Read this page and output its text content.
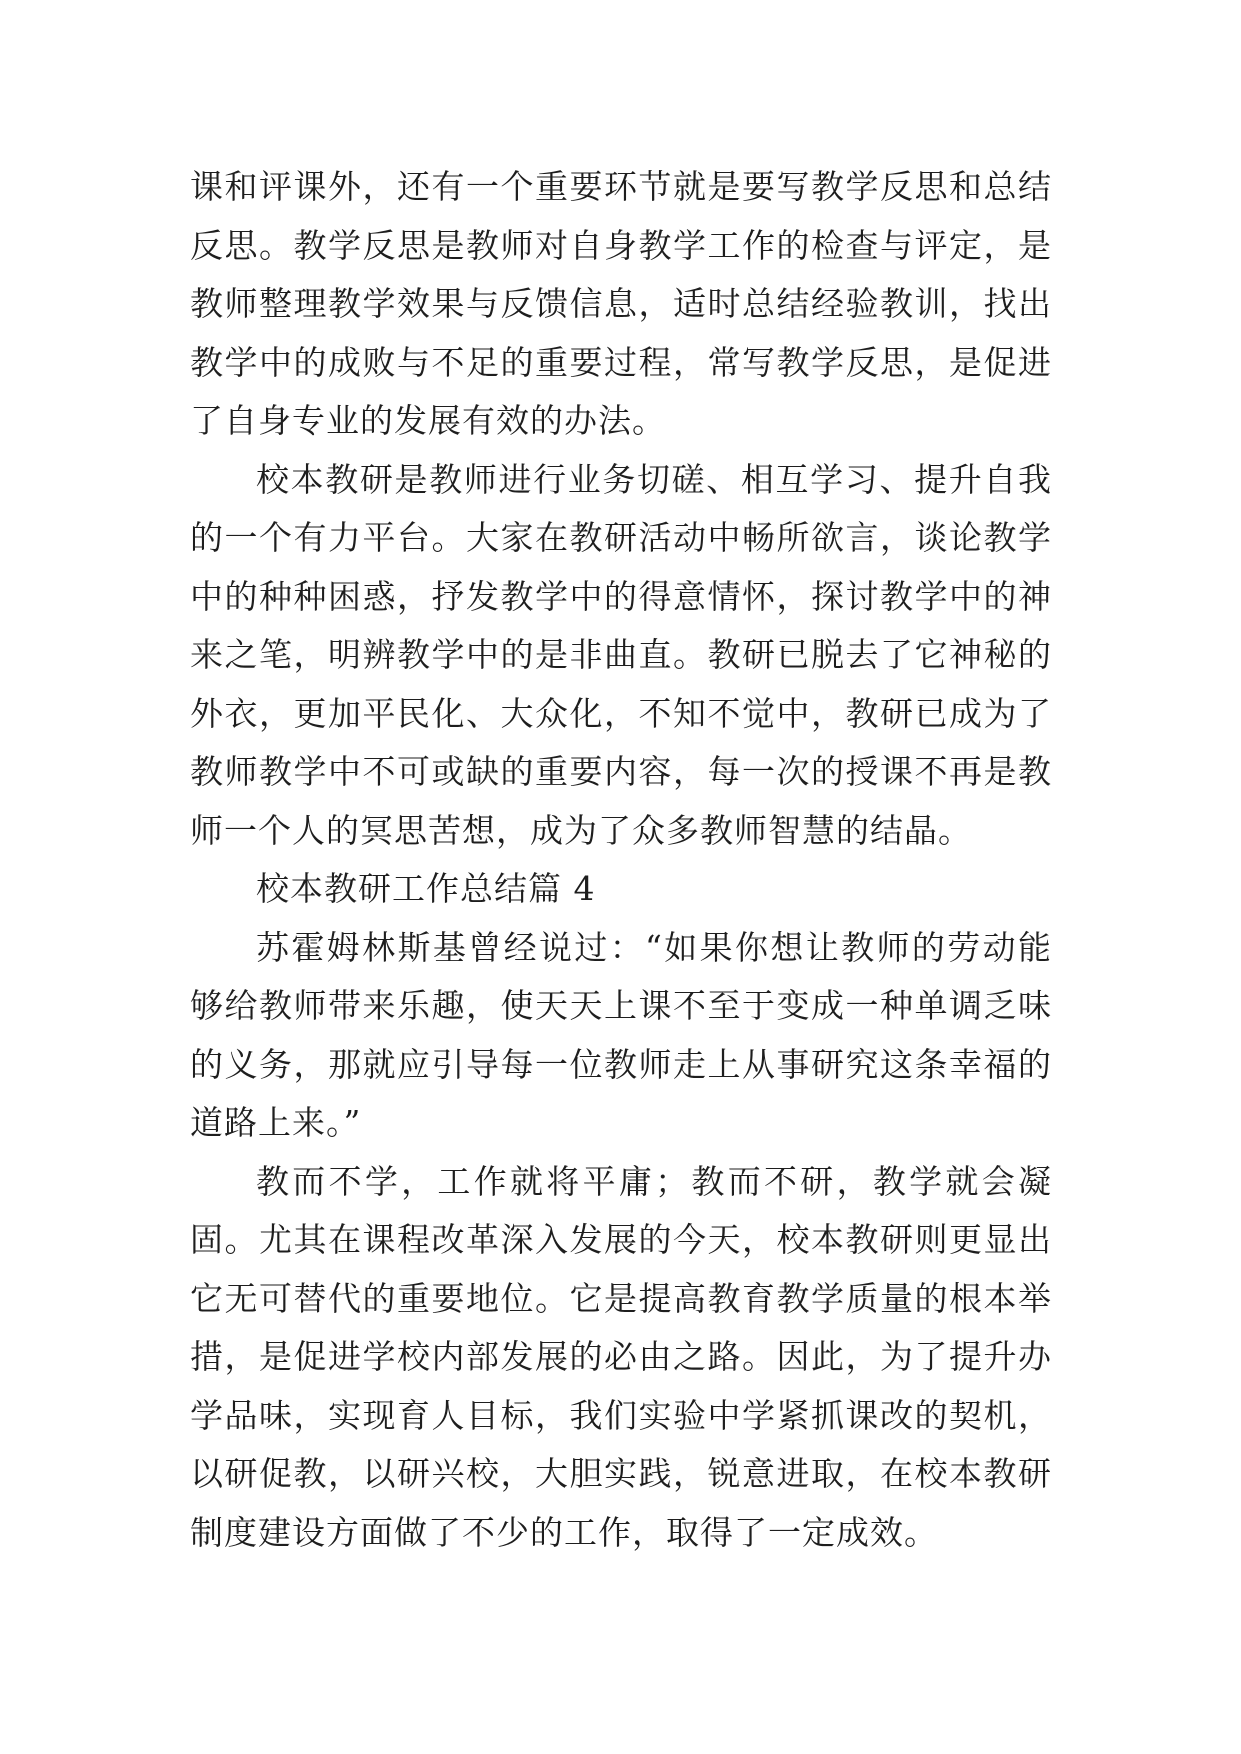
课和评课外，还有一个重要环节就是要写教学反思和总结反思。教学反思是教师对自身教学工作的检查与评定，是教师整理教学效果与反馈信息，适时总结经验教训，找出教学中的成败与不足的重要过程，常写教学反思，是促进了自身专业的发展有效的办法。

校本教研是教师进行业务切磋、相互学习、提升自我的一个有力平台。大家在教研活动中畅所欲言，谈论教学中的种种困惑，抒发教学中的得意情怀，探讨教学中的神来之笔，明辨教学中的是非曲直。教研已脱去了它神秘的外衣，更加平民化、大众化，不知不觉中，教研已成为了教师教学中不可或缺的重要内容，每一次的授课不再是教师一个人的冥思苦想，成为了众多教师智慧的结晶。

校本教研工作总结篇 4

苏霍姆林斯基曾经说过：“如果你想让教师的劳动能够给教师带来乐趣，使天天上课不至于变成一种单调乏味的义务，那就应引导每一位教师走上从事研究这条幸福的道路上来。”

教而不学，工作就将平庸；教而不研，教学就会凝固。尤其在课程改革深入发展的今天，校本教研则更显出它无可替代的重要地位。它是提高教育教学质量的根本举措，是促进学校内部发展的必由之路。因此，为了提升办学品味，实现育人目标，我们实验中学紧抓课改的契机，以研促教，以研兴校，大胆实践，锐意进取，在校本教研制度建设方面做了不少的工作，取得了一定成效。
